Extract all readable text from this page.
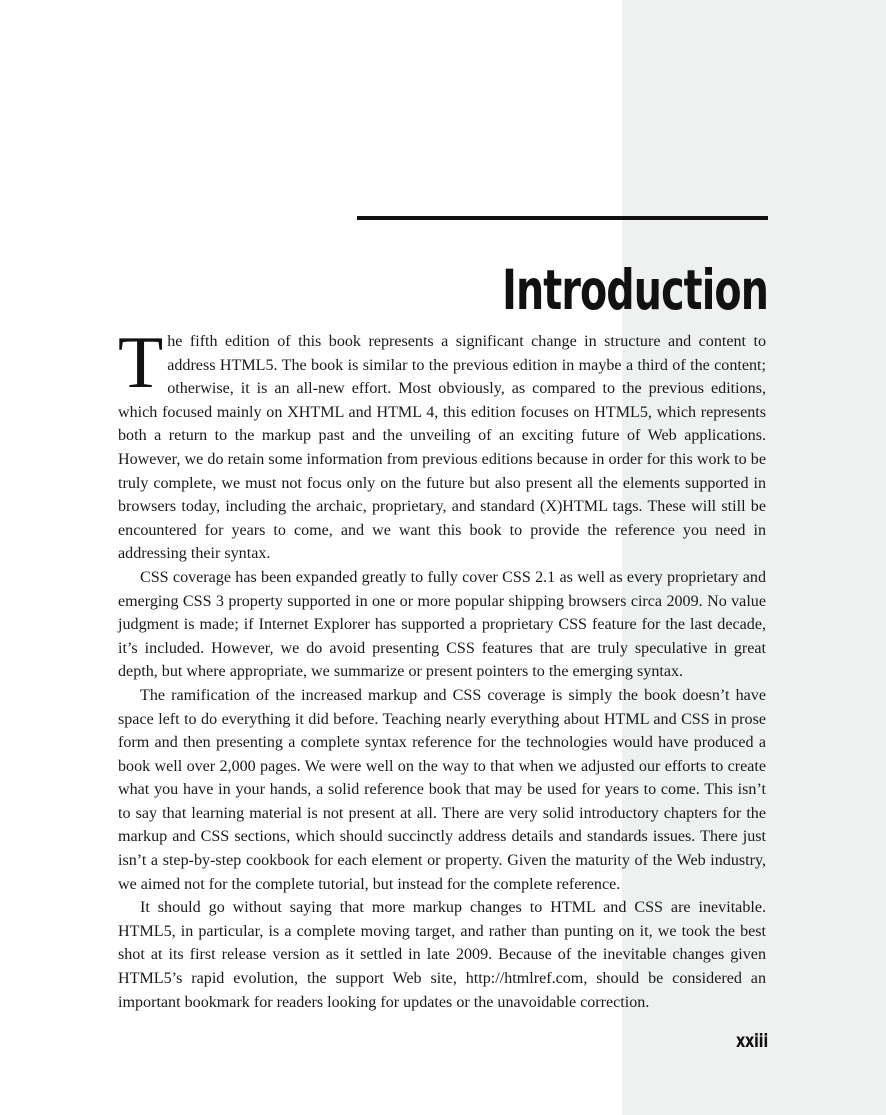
Introduction

The fifth edition of this book represents a significant change in structure and content to address HTML5. The book is similar to the previous edition in maybe a third of the content; otherwise, it is an all-new effort. Most obviously, as compared to the previous editions, which focused mainly on XHTML and HTML 4, this edition focuses on HTML5, which represents both a return to the markup past and the unveiling of an exciting future of Web applications. However, we do retain some information from previous editions because in order for this work to be truly complete, we must not focus only on the future but also present all the elements supported in browsers today, including the archaic, proprietary, and standard (X)HTML tags. These will still be encountered for years to come, and we want this book to provide the reference you need in addressing their syntax.

CSS coverage has been expanded greatly to fully cover CSS 2.1 as well as every proprietary and emerging CSS 3 property supported in one or more popular shipping browsers circa 2009. No value judgment is made; if Internet Explorer has supported a proprietary CSS feature for the last decade, it’s included. However, we do avoid presenting CSS features that are truly speculative in great depth, but where appropriate, we summarize or present pointers to the emerging syntax.

The ramification of the increased markup and CSS coverage is simply the book doesn’t have space left to do everything it did before. Teaching nearly everything about HTML and CSS in prose form and then presenting a complete syntax reference for the technologies would have produced a book well over 2,000 pages. We were well on the way to that when we adjusted our efforts to create what you have in your hands, a solid reference book that may be used for years to come. This isn’t to say that learning material is not present at all. There are very solid introductory chapters for the markup and CSS sections, which should succinctly address details and standards issues. There just isn’t a step-by-step cookbook for each element or property. Given the maturity of the Web industry, we aimed not for the complete tutorial, but instead for the complete reference.

It should go without saying that more markup changes to HTML and CSS are inevitable. HTML5, in particular, is a complete moving target, and rather than punting on it, we took the best shot at its first release version as it settled in late 2009. Because of the inevitable changes given HTML5’s rapid evolution, the support Web site, http://htmlref.com, should be considered an important bookmark for readers looking for updates or the unavoidable correction.

xxiii
